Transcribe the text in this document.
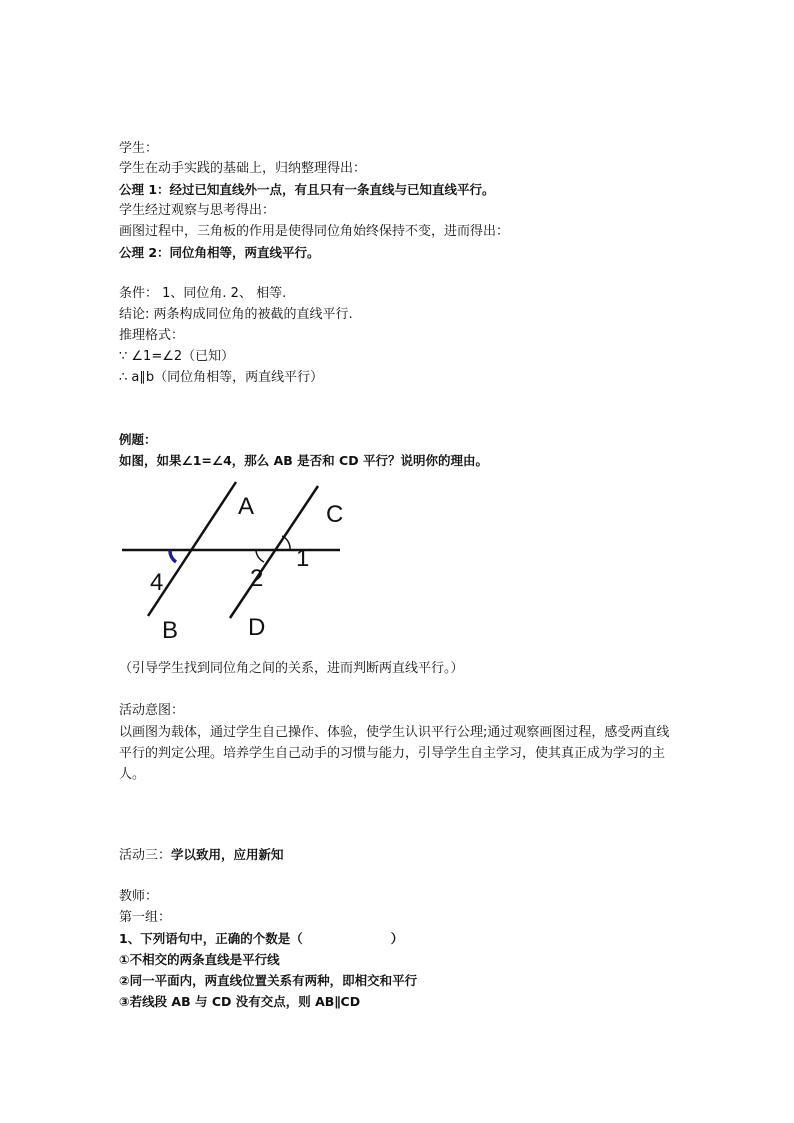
学生：
学生在动手实践的基础上，归纳整理得出：
公理 1：经过已知直线外一点，有且只有一条直线与已知直线平行。
学生经过观察与思考得出：
画图过程中，三角板的作用是使得同位角始终保持不变，进而得出：
公理 2：同位角相等，两直线平行。
条件： 1、同位角. 2、 相等.
结论: 两条构成同位角的被截的直线平行.
推理格式：
∵ ∠1=∠2（已知）
∴ a∥b（同位角相等，两直线平行）
例题：
如图，如果∠1=∠4，那么 AB 是否和 CD 平行？说明你的理由。
A	C
1
2
4
B	D
（引导学生找到同位角之间的关系，进而判断两直线平行。）
活动意图：
以画图为载体，通过学生自己操作、体验，使学生认识平行公理;通过观察画图过程，感受两直线平行的判定公理。培养学生自己动手的习惯与能力，引导学生自主学习，使其真正成为学习的主人。
活动三：学以致用，应用新知
教师：
第一组：
1、下列语句中，正确的个数是（	）
①不相交的两条直线是平行线
②同一平面内，两直线位置关系有两种，即相交和平行
③若线段 AB 与 CD 没有交点，则 AB∥CD
